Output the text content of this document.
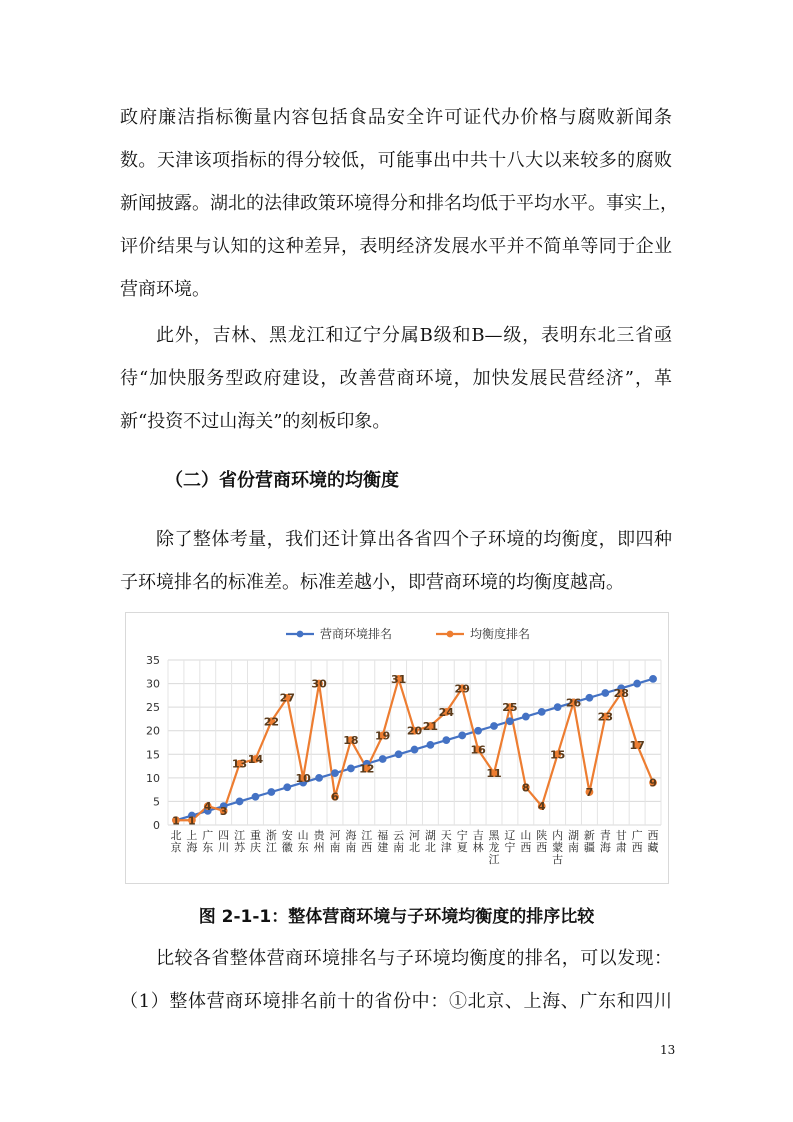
政府廉洁指标衡量内容包括食品安全许可证代办价格与腐败新闻条
数。天津该项指标的得分较低，可能事出中共十八大以来较多的腐败
新闻披露。湖北的法律政策环境得分和排名均低于平均水平。事实上，
评价结果与认知的这种差异，表明经济发展水平并不简单等同于企业
营商环境。

此外，吉林、黑龙江和辽宁分属B级和B—级，表明东北三省亟
待“加快服务型政府建设，改善营商环境，加快发展民营经济”，革
新“投资不过山海关”的刻板印象。

（二）省份营商环境的均衡度

除了整体考量，我们还计算出各省四个子环境的均衡度，即四种
子环境排名的标准差。标准差越小，即营商环境的均衡度越高。

0
5
10
15
20
25
30
35
北京
上海
广东
四川
江苏
重庆
浙江
安徽
山东
贵州
河南
海南
江西
福建
云南
河北
湖北
天津
宁夏
吉林
黑龙江
辽宁
山西
陕西
内蒙古
湖南
新疆
青海
甘肃
广西
西藏
1 1
4 3
13 14
22
27
10
30
6
18
12
19
31
20 21
24
29
16
11
25
8
4
15
26
7
23
28
17
9
营商环境排名	均衡度排名
图 2-1-1：整体营商环境与子环境均衡度的排序比较

比较各省整体营商环境排名与子环境均衡度的排名，可以发现：
（1）整体营商环境排名前十的省份中：①北京、上海、广东和四川

13
